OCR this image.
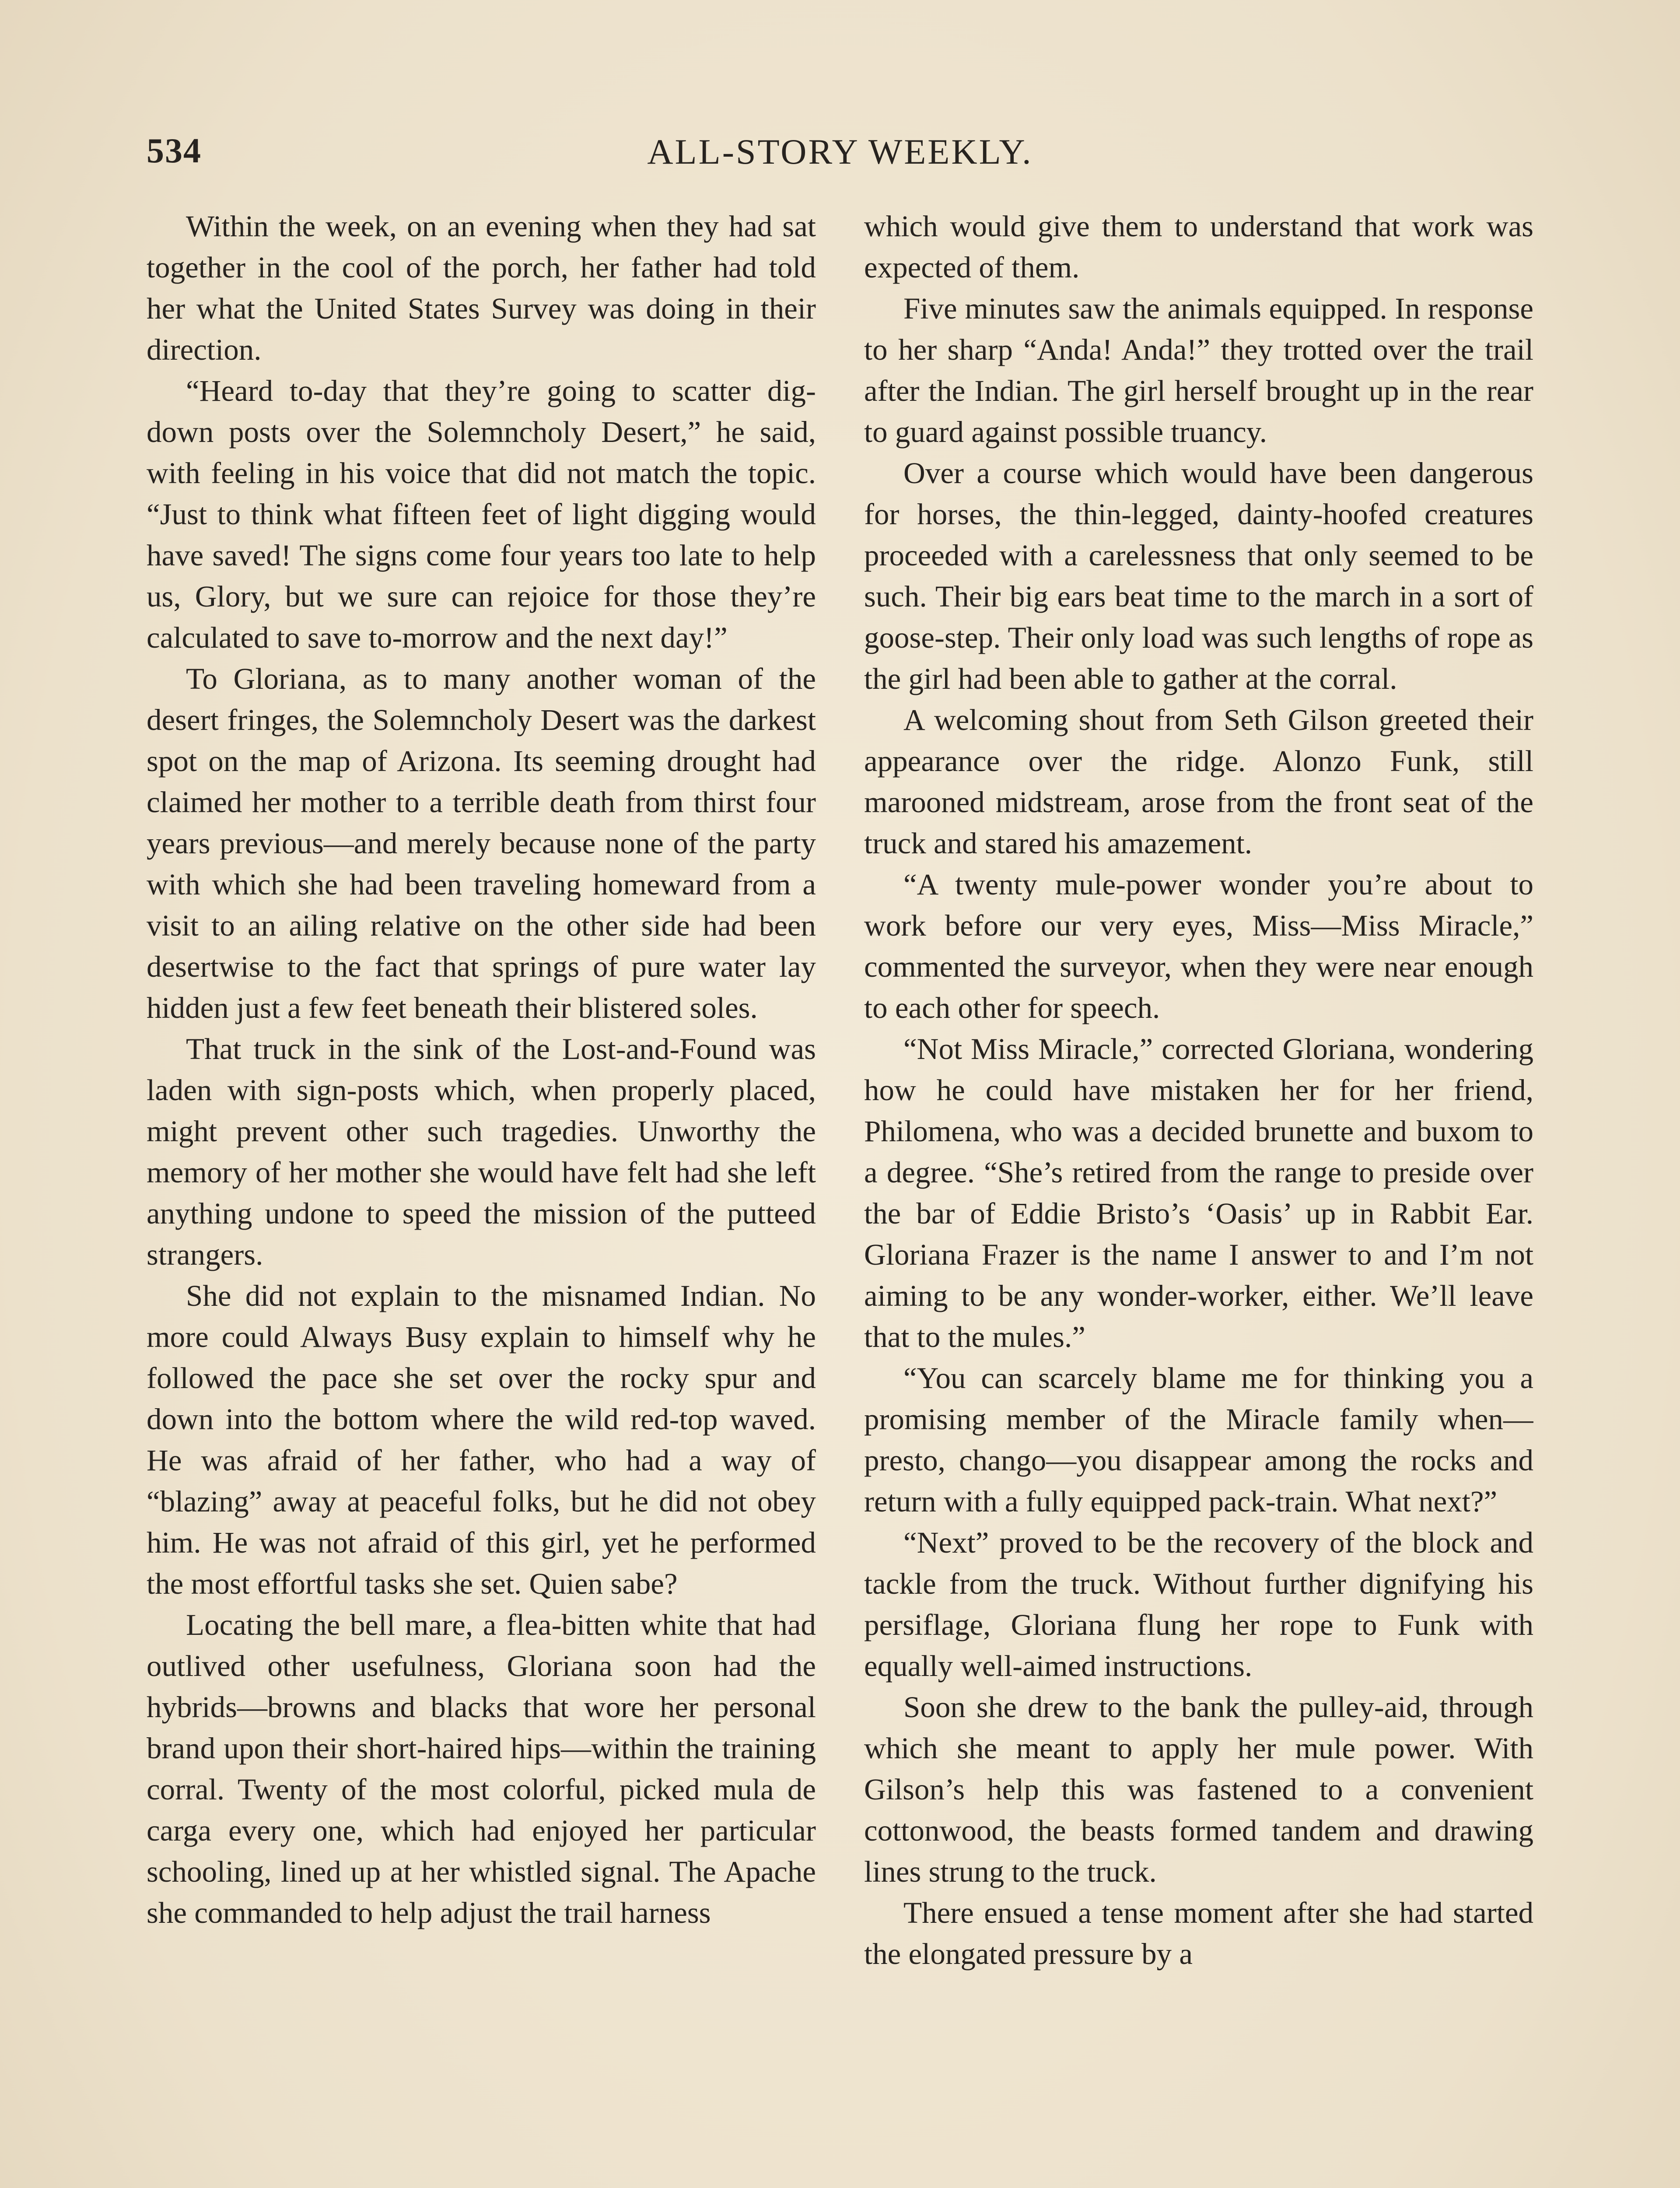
534	ALL-STORY WEEKLY.

Within the week, on an evening when they had sat together in the cool of the porch, her father had told her what the United States Survey was doing in their direction.

“Heard to-day that they’re going to scatter dig-down posts over the Solemncholy Desert,” he said, with feeling in his voice that did not match the topic. “Just to think what fifteen feet of light digging would have saved! The signs come four years too late to help us, Glory, but we sure can rejoice for those they’re calculated to save to-morrow and the next day!”

To Gloriana, as to many another woman of the desert fringes, the Solemncholy Desert was the darkest spot on the map of Arizona. Its seeming drought had claimed her mother to a terrible death from thirst four years previous—and merely because none of the party with which she had been traveling homeward from a visit to an ailing relative on the other side had been desertwise to the fact that springs of pure water lay hidden just a few feet beneath their blistered soles.

That truck in the sink of the Lost-and-Found was laden with sign-posts which, when properly placed, might prevent other such tragedies. Unworthy the memory of her mother she would have felt had she left anything undone to speed the mission of the putteed strangers.

She did not explain to the misnamed Indian. No more could Always Busy explain to himself why he followed the pace she set over the rocky spur and down into the bottom where the wild red-top waved. He was afraid of her father, who had a way of “blazing” away at peaceful folks, but he did not obey him. He was not afraid of this girl, yet he performed the most effortful tasks she set. Quien sabe?

Locating the bell mare, a flea-bitten white that had outlived other usefulness, Gloriana soon had the hybrids—browns and blacks that wore her personal brand upon their short-haired hips—within the training corral. Twenty of the most colorful, picked mula de carga every one, which had enjoyed her particular schooling, lined up at her whistled signal. The Apache she commanded to help adjust the trail harness

which would give them to understand that work was expected of them.

Five minutes saw the animals equipped. In response to her sharp “Anda! Anda!” they trotted over the trail after the Indian. The girl herself brought up in the rear to guard against possible truancy.

Over a course which would have been dangerous for horses, the thin-legged, dainty-hoofed creatures proceeded with a carelessness that only seemed to be such. Their big ears beat time to the march in a sort of goose-step. Their only load was such lengths of rope as the girl had been able to gather at the corral.

A welcoming shout from Seth Gilson greeted their appearance over the ridge. Alonzo Funk, still marooned midstream, arose from the front seat of the truck and stared his amazement.

“A twenty mule-power wonder you’re about to work before our very eyes, Miss—Miss Miracle,” commented the surveyor, when they were near enough to each other for speech.

“Not Miss Miracle,” corrected Gloriana, wondering how he could have mistaken her for her friend, Philomena, who was a decided brunette and buxom to a degree. “She’s retired from the range to preside over the bar of Eddie Bristo’s ‘Oasis’ up in Rabbit Ear. Gloriana Frazer is the name I answer to and I’m not aiming to be any wonder-worker, either. We’ll leave that to the mules.”

“You can scarcely blame me for thinking you a promising member of the Miracle family when—presto, chango—you disappear among the rocks and return with a fully equipped pack-train. What next?”

“Next” proved to be the recovery of the block and tackle from the truck. Without further dignifying his persiflage, Gloriana flung her rope to Funk with equally well-aimed instructions.

Soon she drew to the bank the pulley-aid, through which she meant to apply her mule power. With Gilson’s help this was fastened to a convenient cottonwood, the beasts formed tandem and drawing lines strung to the truck.

There ensued a tense moment after she had started the elongated pressure by a
